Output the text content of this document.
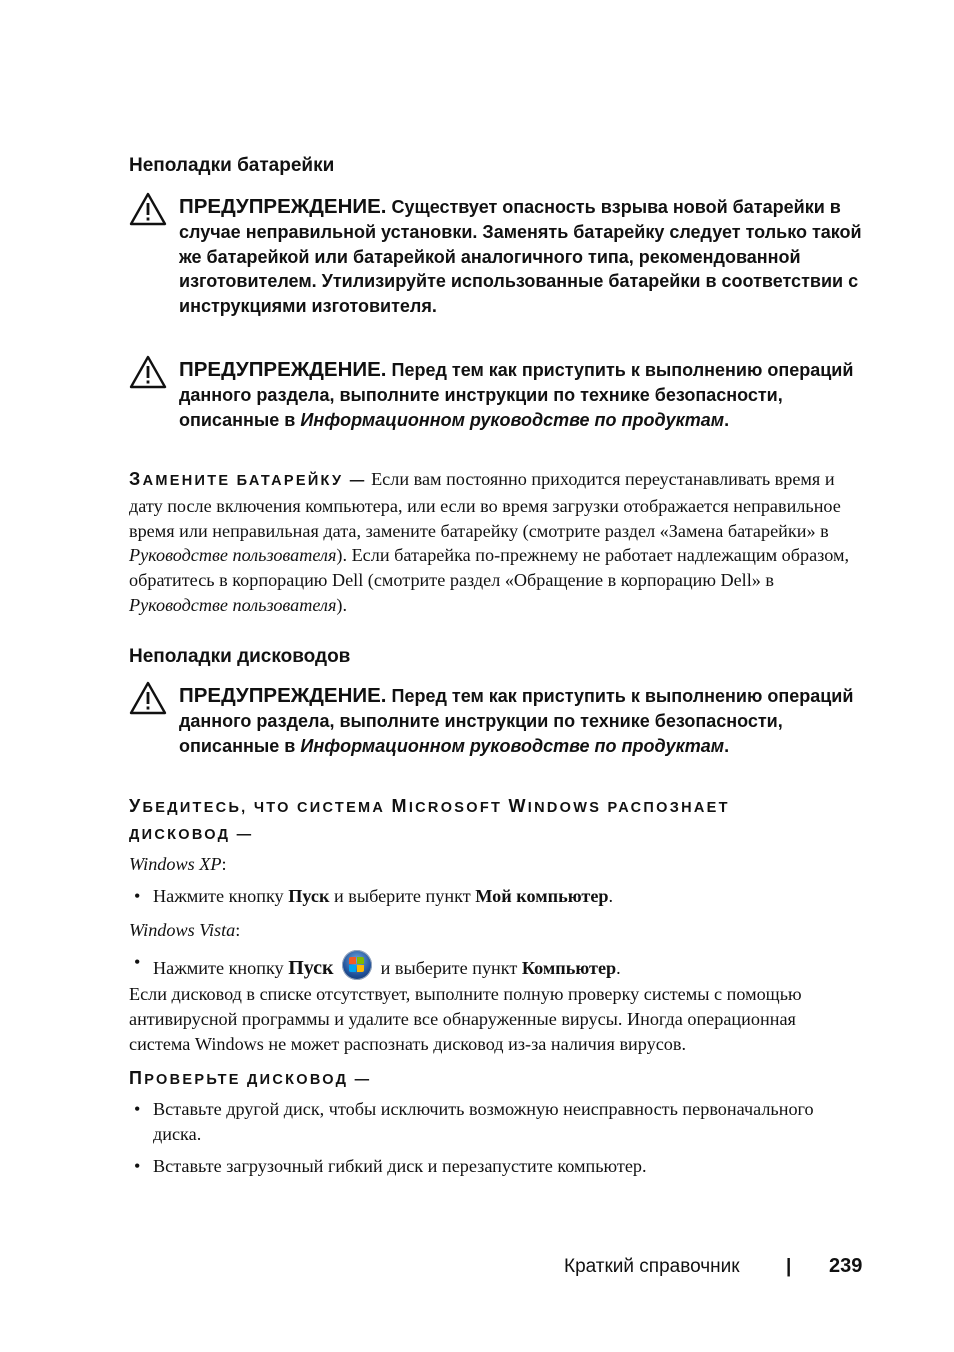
Неполадки батарейки
ПРЕДУПРЕЖДЕНИЕ. Существует опасность взрыва новой батарейки в случае неправильной установки. Заменять батарейку следует только такой же батарейкой или батарейкой аналогичного типа, рекомендованной изготовителем. Утилизируйте использованные батарейки в соответствии с инструкциями изготовителя.
ПРЕДУПРЕЖДЕНИЕ. Перед тем как приступить к выполнению операций данного раздела, выполните инструкции по технике безопасности, описанные в Информационном руководстве по продуктам.
ЗАМЕНИТЕ БАТАРЕЙКУ — Если вам постоянно приходится переустанавливать время и дату после включения компьютера, или если во время загрузки отображается неправильное время или неправильная дата, замените батарейку (смотрите раздел «Замена батарейки» в Руководстве пользователя). Если батарейка по-прежнему не работает надлежащим образом, обратитесь в корпорацию Dell (смотрите раздел «Обращение в корпорацию Dell» в Руководстве пользователя).
Неполадки дисководов
ПРЕДУПРЕЖДЕНИЕ. Перед тем как приступить к выполнению операций данного раздела, выполните инструкции по технике безопасности, описанные в Информационном руководстве по продуктам.
УБЕДИТЕСЬ, ЧТО СИСТЕМА MICROSOFT WINDOWS РАСПОЗНАЕТ
ДИСКОВОД —
Windows XP:
• Нажмите кнопку Пуск и выберите пункт Мой компьютер.
Windows Vista:
• Нажмите кнопку Пуск	и выберите пункт Компьютер.
Если дисковод в списке отсутствует, выполните полную проверку системы с помощью антивирусной программы и удалите все обнаруженные вирусы. Иногда операционная система Windows не может распознать дисковод из-за наличия вирусов.
ПРОВЕРЬТЕ ДИСКОВОД —
• Вставьте другой диск, чтобы исключить возможную неисправность первоначального диска.
• Вставьте загрузочный гибкий диск и перезапустите компьютер.
Краткий справочник | 239
